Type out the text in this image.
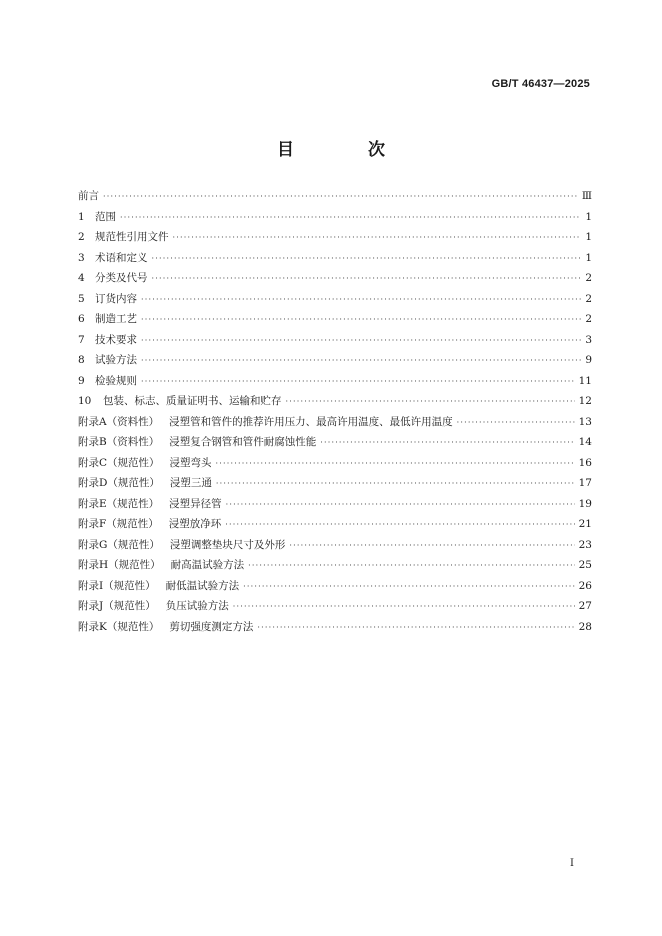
GB/T 46437—2025
目 次
前言 ·····	Ⅲ
1 范围 ·····	1
2 规范性引用文件 ·····	1
3 术语和定义 ·····	1
4 分类及代号 ·····	2
5 订货内容 ·····	2
6 制造工艺 ·····	2
7 技术要求 ·····	3
8 试验方法 ·····	9
9 检验规则 ·····	11
10	包装、标志、质量证明书、运输和贮存 ·····	12
附录A（资料性） 浸塑管和管件的推荐许用压力、最高许用温度、最低许用温度 ·····	13
附录B（资料性） 浸塑复合钢管和管件耐腐蚀性能 ·····	14
附录C（规范性） 浸塑弯头 ·····	16
附录D（规范性） 浸塑三通 ·····	17
附录E（规范性） 浸塑异径管 ·····	19
附录F（规范性） 浸塑放净环 ·····	21
附录G（规范性） 浸塑调整垫块尺寸及外形 ·····	23
附录H（规范性） 耐高温试验方法 ·····	25
附录I（规范性） 耐低温试验方法 ·····	26
附录J（规范性） 负压试验方法 ·····	27
附录K（规范性） 剪切强度测定方法 ·····	28
I
